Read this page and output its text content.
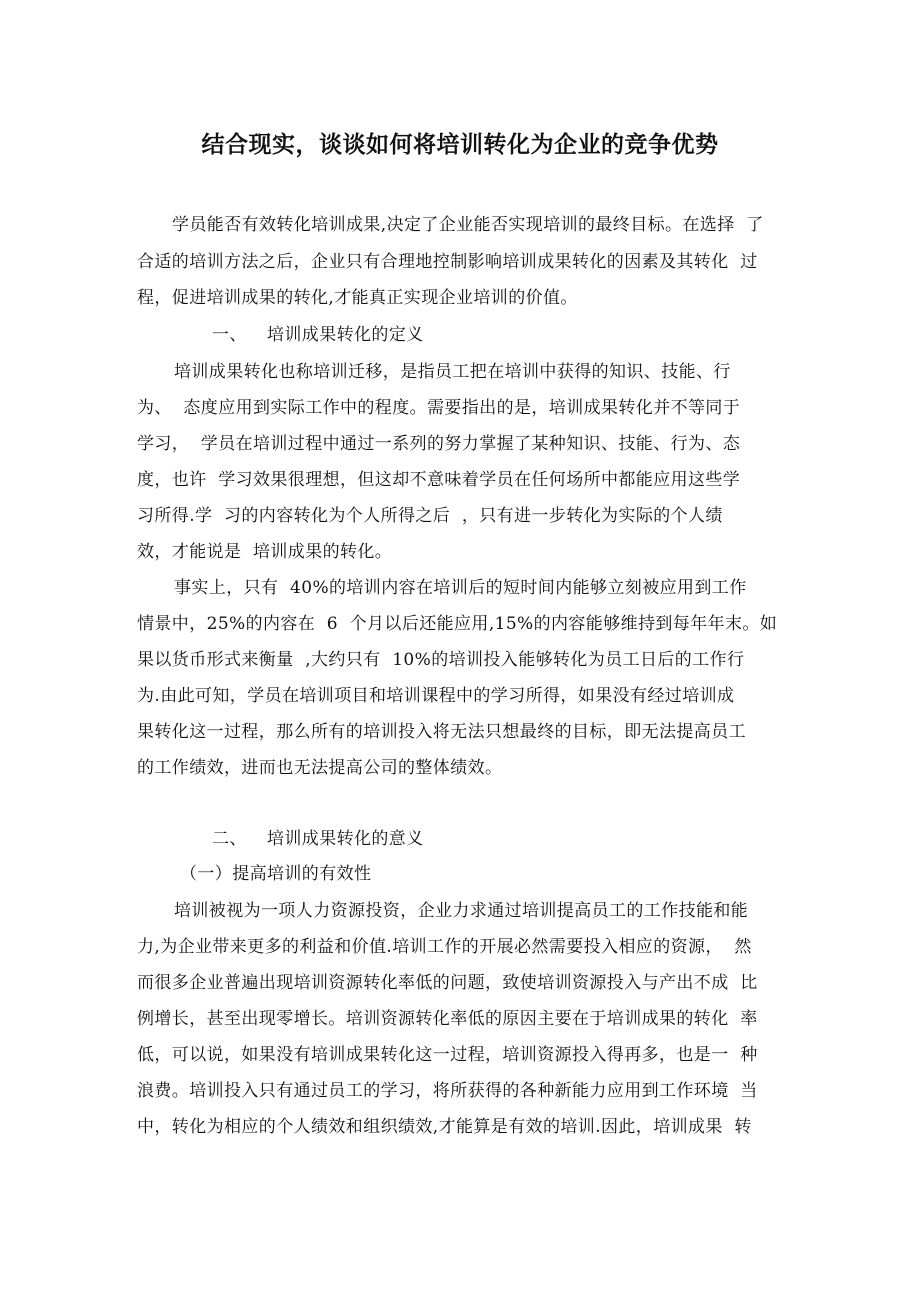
结合现实，谈谈如何将培训转化为企业的竞争优势
学员能否有效转化培训成果,决定了企业能否实现培训的最终目标。在选择  了
合适的培训方法之后，企业只有合理地控制影响培训成果转化的因素及其转化  过
程，促进培训成果的转化,才能真正实现企业培训的价值。
一、 培训成果转化的定义
培训成果转化也称培训迁移，是指员工把在培训中获得的知识、技能、行
为、  态度应用到实际工作中的程度。需要指出的是，培训成果转化并不等同于
学习，  学员在培训过程中通过一系列的努力掌握了某种知识、技能、行为、态
度，也许  学习效果很理想，但这却不意味着学员在任何场所中都能应用这些学
习所得.学  习的内容转化为个人所得之后  ，只有进一步转化为实际的个人绩
效，才能说是  培训成果的转化。
事实上，只有  40%的培训内容在培训后的短时间内能够立刻被应用到工作
情景中，25%的内容在  6  个月以后还能应用,15%的内容能够维持到每年年末。如
果以货币形式来衡量  ,大约只有  10%的培训投入能够转化为员工日后的工作行
为.由此可知，学员在培训项目和培训课程中的学习所得，如果没有经过培训成
果转化这一过程，那么所有的培训投入将无法只想最终的目标，即无法提高员工
的工作绩效，进而也无法提高公司的整体绩效。
二、 培训成果转化的意义
（一）提高培训的有效性
培训被视为一项人力资源投资，企业力求通过培训提高员工的工作技能和能
力,为企业带来更多的利益和价值.培训工作的开展必然需要投入相应的资源，  然
而很多企业普遍出现培训资源转化率低的问题，致使培训资源投入与产出不成  比
例增长，甚至出现零增长。培训资源转化率低的原因主要在于培训成果的转化  率
低，可以说，如果没有培训成果转化这一过程，培训资源投入得再多，也是一  种
浪费。培训投入只有通过员工的学习，将所获得的各种新能力应用到工作环境  当
中，转化为相应的个人绩效和组织绩效,才能算是有效的培训.因此，培训成果  转
